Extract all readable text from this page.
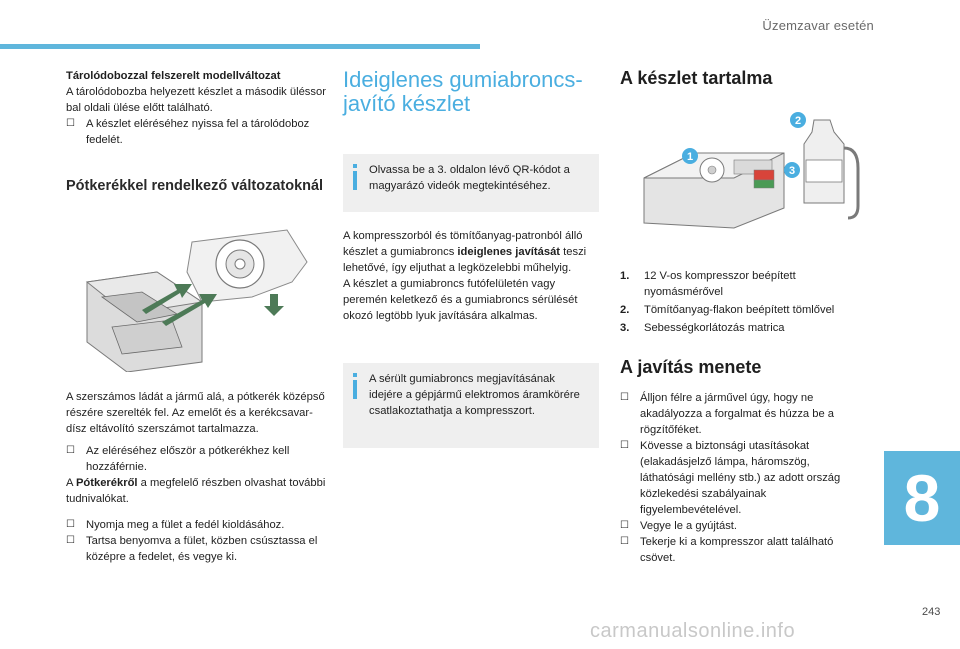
Üzemzavar esetén

Tárolódobozzal felszerelt modellváltozat

A tárolódobozba helyezett készlet a második üléssor bal oldali ülése előtt található.

☐ A készlet eléréséhez nyissa fel a tárolódoboz fedelét.

Pótkerékkel rendelkező változatoknál

A szerszámos ládát a jármű alá, a pótkerék középső részére szerelték fel. Az emelőt és a kerékcsavar-dísz eltávolító szerszámot tartalmazza.

☐ Az eléréséhez először a pótkerékhez kell hozzáférnie.

A Pótkerékről a megfelelő részben olvashat további tudnivalókat.

☐ Nyomja meg a fület a fedél kioldásához.

☐ Tartsa benyomva a fület, közben csúsztassa el középre a fedelet, és vegye ki.

Ideiglenes gumiabroncs-javító készlet
Olvassa be a 3. oldalon lévő QR-kódot a magyarázó videók megtekintéséhez.

A kompresszorból és tömítőanyag-patronból álló készlet a gumiabroncs ideiglenes javítását teszi lehetővé, így eljuthat a legközelebbi műhelyig.

A készlet a gumiabroncs futófelületén vagy peremén keletkező és a gumiabroncs sérülését okozó legtöbb lyuk javítására alkalmas.

A sérült gumiabroncs megjavításának idejére a gépjármű elektromos áramkörére csatlakoztathatja a kompresszort.
A készlet tartalma
1
2
3
1. 12 V-os kompresszor beépített nyomásmérővel
2. Tömítőanyag-flakon beépített tömlővel
3. Sebességkorlátozás matrica
A javítás menete

☐ Álljon félre a járművel úgy, hogy ne akadályozza a forgalmat és húzza be a rögzítőféket.

☐ Kövesse a biztonsági utasításokat (elakadásjelző lámpa, háromszög, láthatósági mellény stb.) az adott ország közlekedési szabályainak figyelembevételével.

☐ Vegye le a gyújtást.

☐ Tekerje ki a kompresszor alatt található csövet.

8
243
carmanualsonline.info
